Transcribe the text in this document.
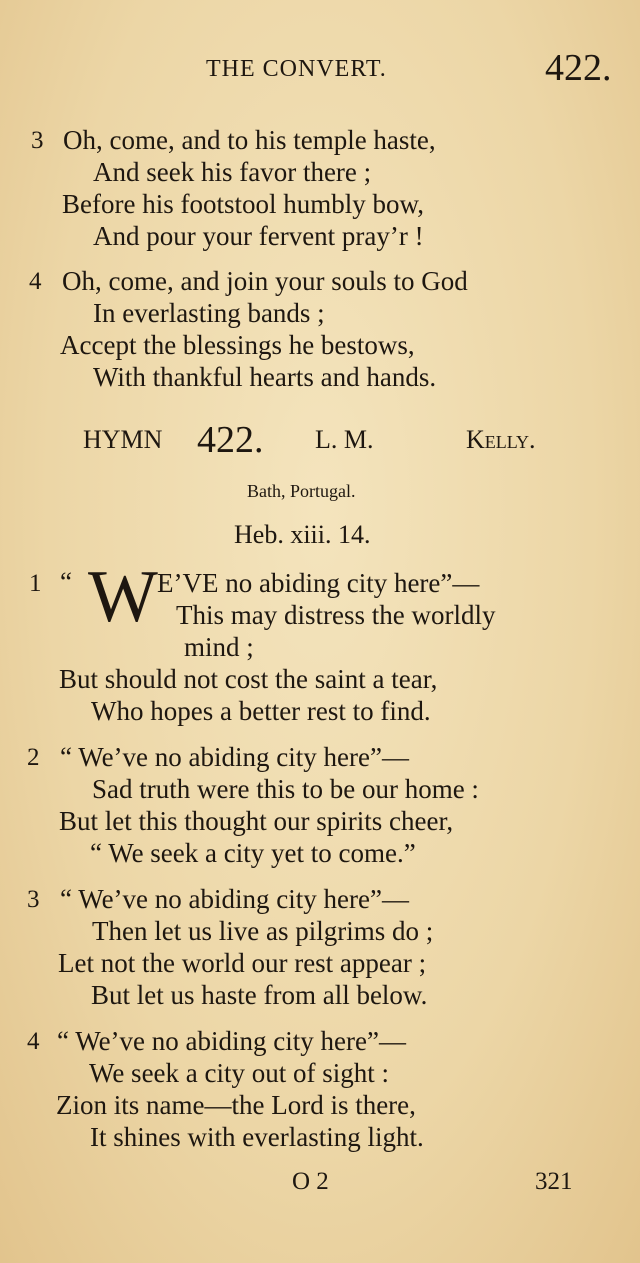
THE CONVERT.	422.
3 Oh, come, and to his temple haste,
And seek his favor there ;
Before his footstool humbly bow,
And pour your fervent pray’r !
4 Oh, come, and join your souls to God
In everlasting bands ;
Accept the blessings he bestows,
With thankful hearts and hands.
HYMN 422. L. M.	Kelly.
Bath, Portugal.
Heb. xiii. 14.
1 “ W E’VE no abiding city here”—
This may distress the worldly
mind ;
But should not cost the saint a tear,
Who hopes a better rest to find.
2 “ We’ve no abiding city here”—
Sad truth were this to be our home :
But let this thought our spirits cheer,
“ We seek a city yet to come.”
3 “ We’ve no abiding city here”—
Then let us live as pilgrims do ;
Let not the world our rest appear ;
But let us haste from all below.
4 “ We’ve no abiding city here”—
We seek a city out of sight :
Zion its name—the Lord is there,
It shines with everlasting light.
O 2	321
